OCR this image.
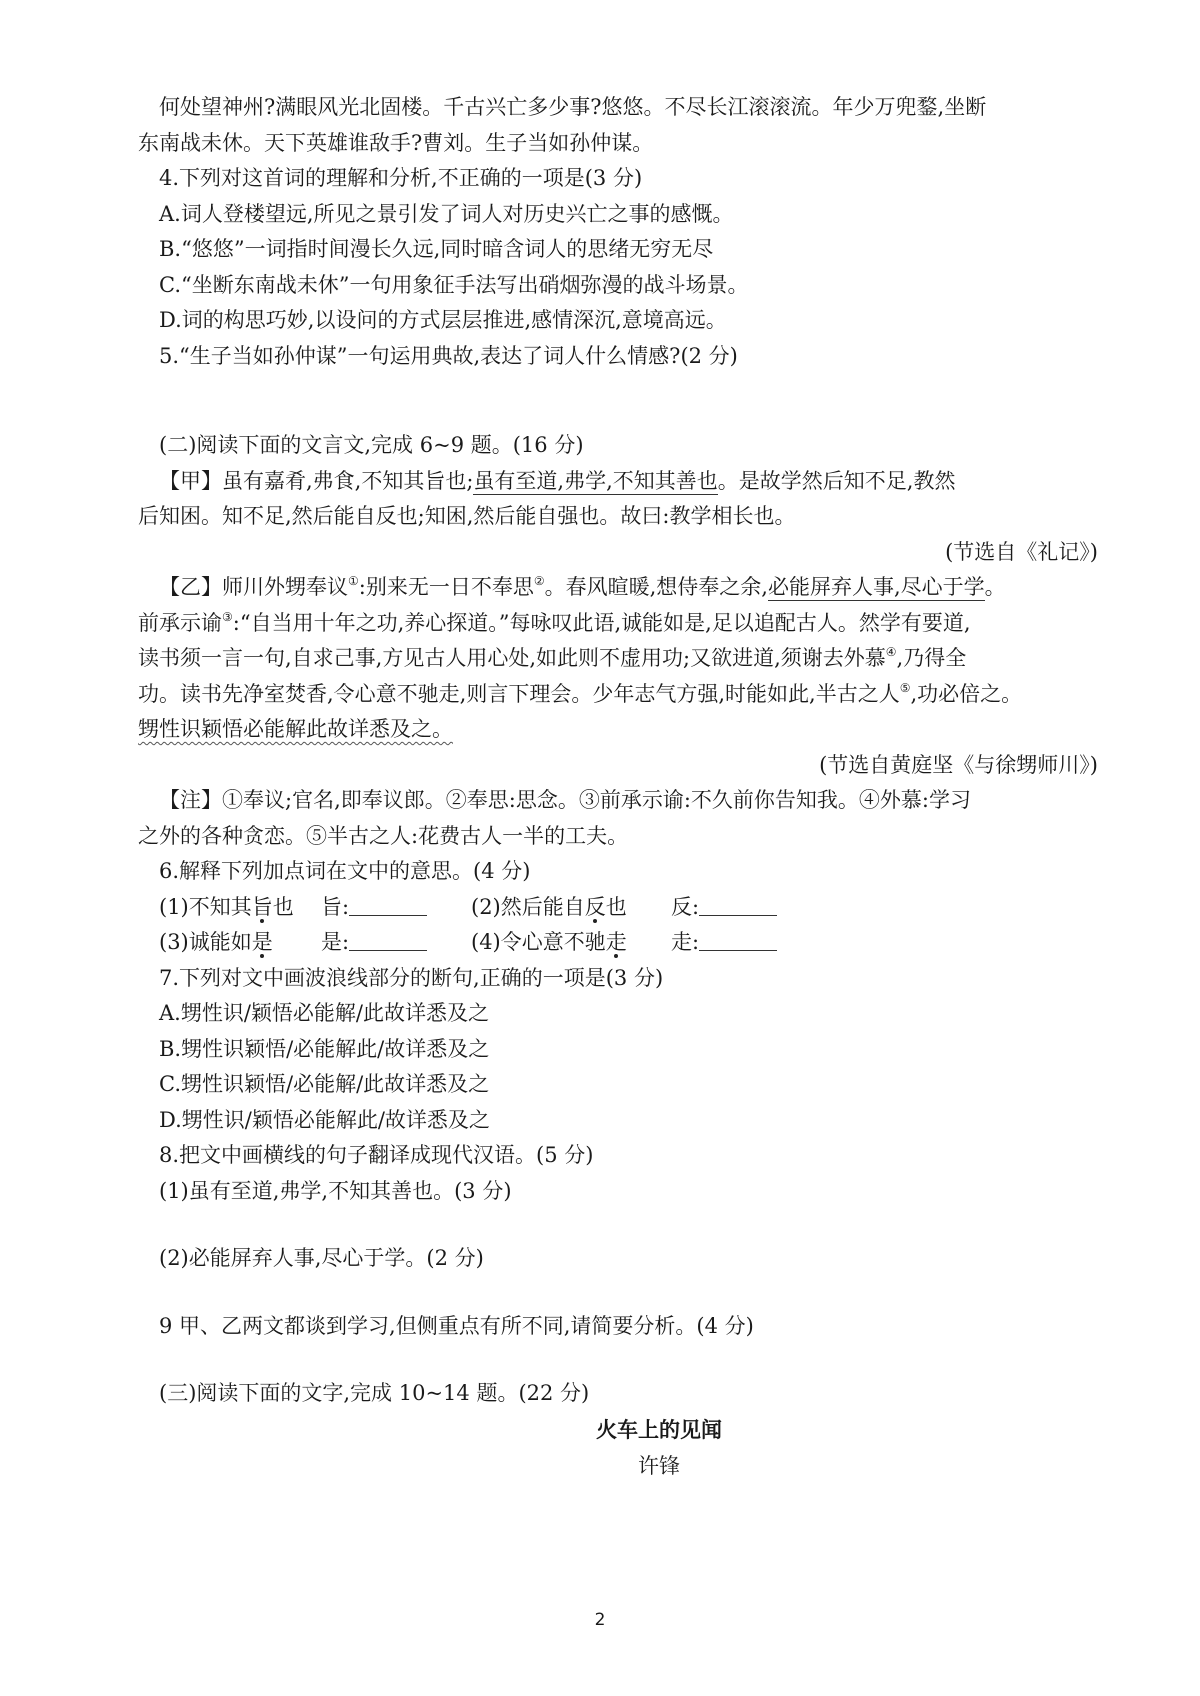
何处望神州?满眼风光北固楼。千古兴亡多少事?悠悠。不尽长江滚滚流。年少万兜鍪,坐断
东南战未休。天下英雄谁敌手?曹刘。生子当如孙仲谋。
4.下列对这首词的理解和分析,不正确的一项是(3 分)
A.词人登楼望远,所见之景引发了词人对历史兴亡之事的感慨。
B.“悠悠”一词指时间漫长久远,同时暗含词人的思绪无穷无尽
C.“坐断东南战未休”一句用象征手法写出硝烟弥漫的战斗场景。
D.词的构思巧妙,以设问的方式层层推进,感情深沉,意境高远。
5.“生子当如孙仲谋”一句运用典故,表达了词人什么情感?(2 分)
(二)阅读下面的文言文,完成 6~9 题。(16 分)
【甲】虽有嘉肴,弗食,不知其旨也;虽有至道,弗学,不知其善也。是故学然后知不足,教然
后知困。知不足,然后能自反也;知困,然后能自强也。故曰:教学相长也。
(节选自《礼记》)
【乙】师川外甥奉议①:别来无一日不奉思②。春风暄暖,想侍奉之余,必能屏弃人事,尽心于学。
前承示谕③:“自当用十年之功,养心探道。”每咏叹此语,诚能如是,足以追配古人。然学有要道,
读书须一言一句,自求己事,方见古人用心处,如此则不虚用功;又欲进道,须谢去外慕④,乃得全
功。读书先净室焚香,令心意不驰走,则言下理会。少年志气方强,时能如此,半古之人⑤,功必倍之。
甥性识颖悟必能解此故详悉及之。
(节选自黄庭坚《与徐甥师川》)
【注】①奉议;官名,即奉议郎。②奉思:思念。③前承示谕:不久前你告知我。④外慕:学习
之外的各种贪恋。⑤半古之人:花费古人一半的工夫。
6.解释下列加点词在文中的意思。(4 分)
(1)不知其旨也 旨:	(2)然后能自反也 反:
(3)诚能如是 是:	(4)令心意不驰走 走:
7.下列对文中画波浪线部分的断句,正确的一项是(3 分)
A.甥性识/颖悟必能解/此故详悉及之
B.甥性识颖悟/必能解此/故详悉及之
C.甥性识颖悟/必能解/此故详悉及之
D.甥性识/颖悟必能解此/故详悉及之
8.把文中画横线的句子翻译成现代汉语。(5 分)
(1)虽有至道,弗学,不知其善也。(3 分)
(2)必能屏弃人事,尽心于学。(2 分)
9 甲、乙两文都谈到学习,但侧重点有所不同,请简要分析。(4 分)
(三)阅读下面的文字,完成 10~14 题。(22 分)
火车上的见闻
许锋
2
